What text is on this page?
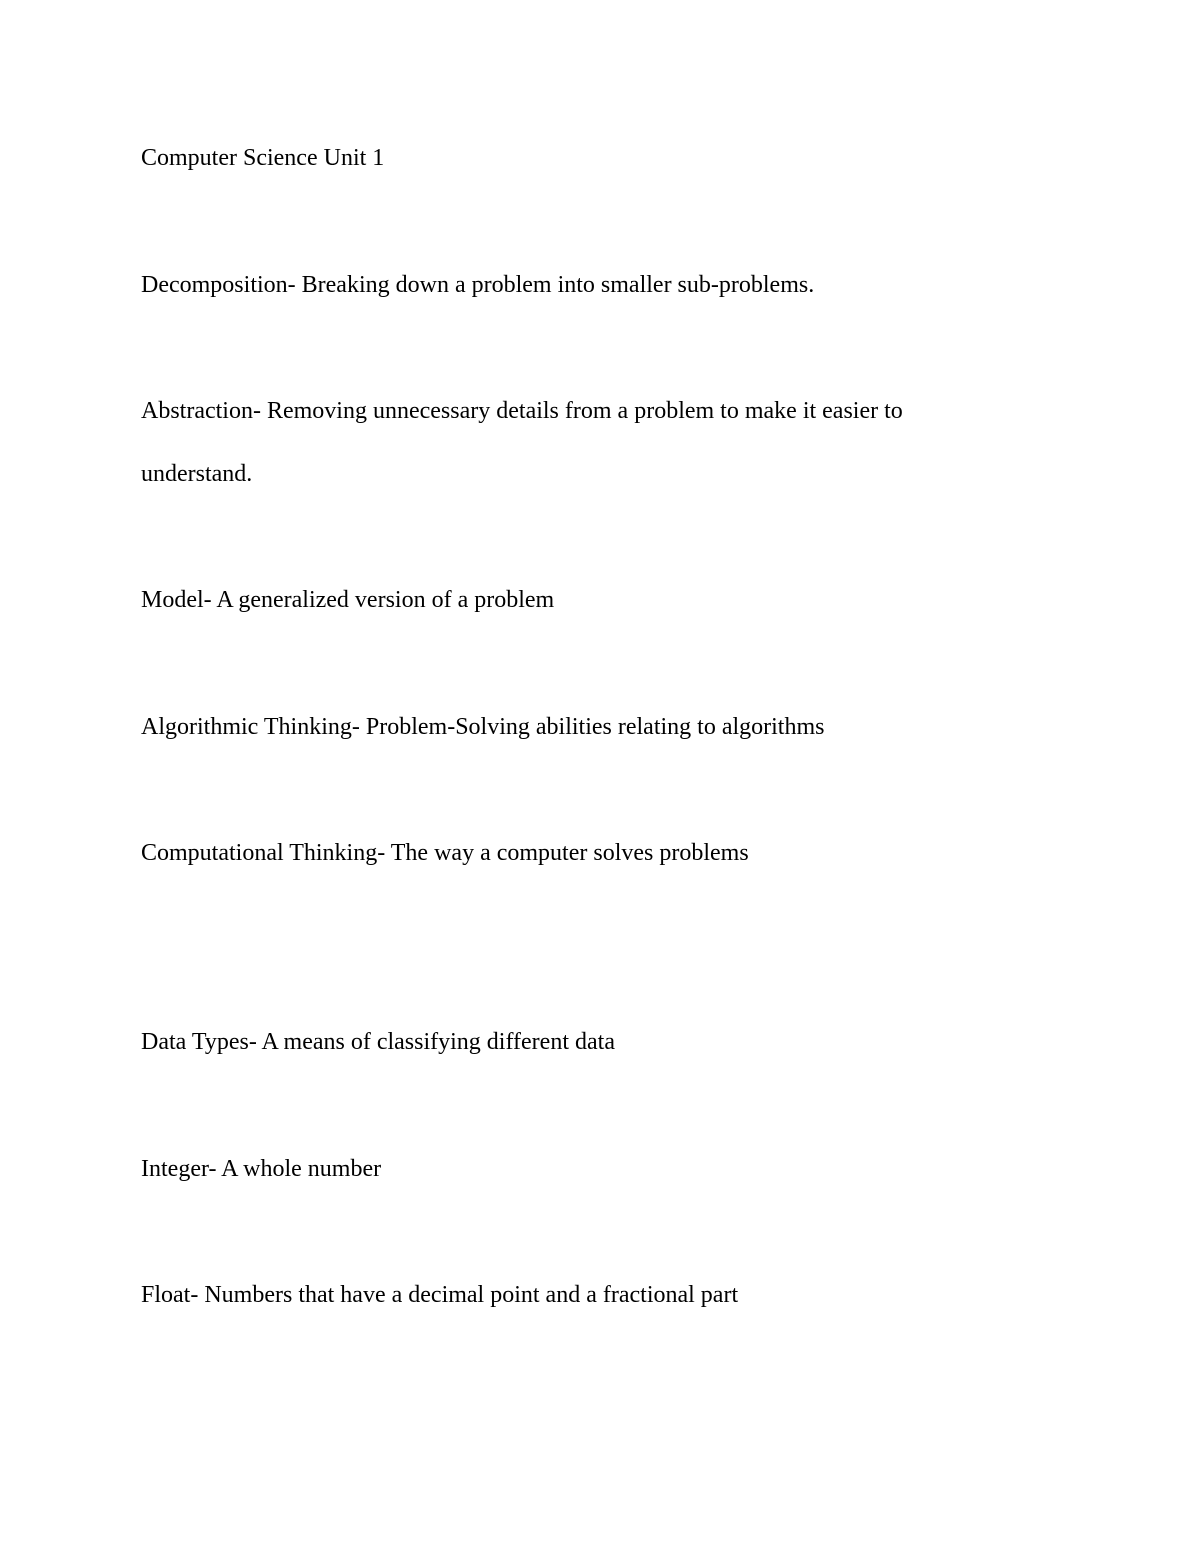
Computer Science Unit 1

Decomposition- Breaking down a problem into smaller sub-problems.

Abstraction- Removing unnecessary details from a problem to make it easier to

understand.

Model- A generalized version of a problem

Algorithmic Thinking- Problem-Solving abilities relating to algorithms

Computational Thinking- The way a computer solves problems

Data Types- A means of classifying different data

Integer- A whole number

Float- Numbers that have a decimal point and a fractional part
